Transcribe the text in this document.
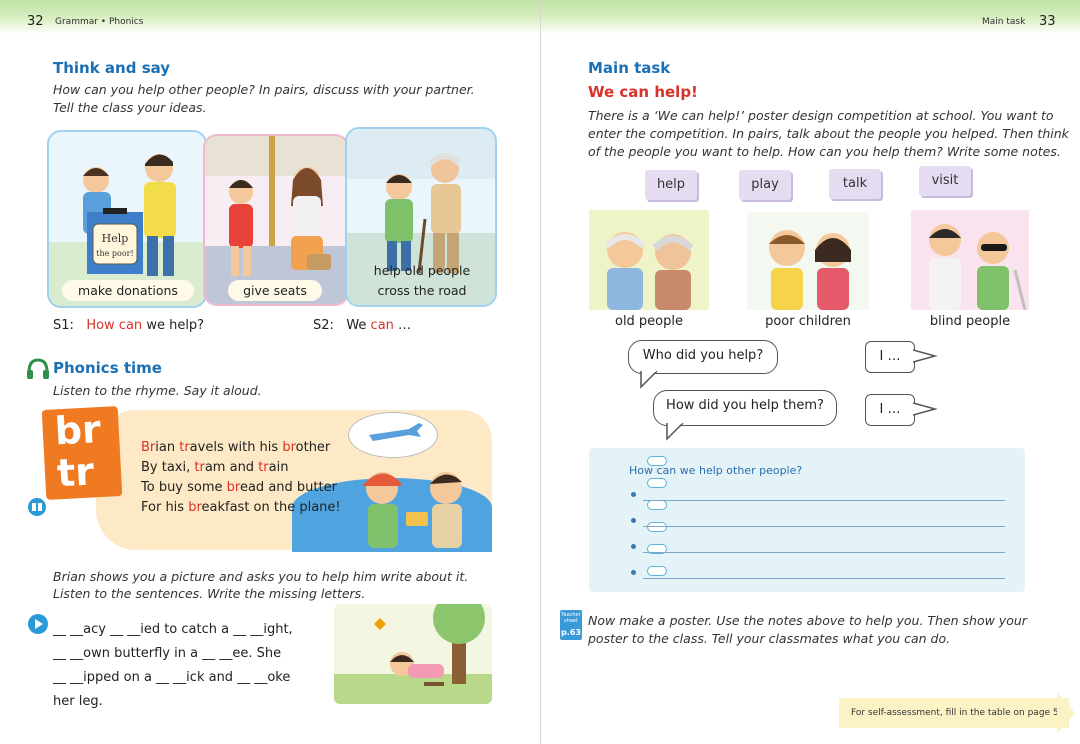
32 Grammar • Phonics
Think and say
How can you help other people? In pairs, discuss with your partner.
Tell the class your ideas.
Help
the poor!
make donations	give seats
help old people
cross the road
S1: How can we help?	S2: We can …
Phonics time
Listen to the rhyme. Say it aloud.
br
tr
Brian travels with his brother
By taxi, tram and train
To buy some bread and butter
For his breakfast on the plane!
Brian shows you a picture and asks you to help him write about it.
Listen to the sentences. Write the missing letters.
__ __acy __ __ied to catch a __ __ight,
__ __own butterfly in a __ __ee. She
__ __ipped on a __ __ick and __ __oke
her leg.
Main task 33
Main task
We can help!
There is a ‘We can help!’ poster design competition at school. You want to
enter the competition. In pairs, talk about the people you helped. Then think
of the people you want to help. How can you help them? Write some notes.
help	play	talk	visit
old people	poor children	blind people
Who did you help?	I …
How did you help them?	I …
How can we help other people?
Teacher sheet
p.63
Now make a poster. Use the notes above to help you. Then show your
poster to the class. Tell your classmates what you can do.
For self-assessment, fill in the table on page 53.
